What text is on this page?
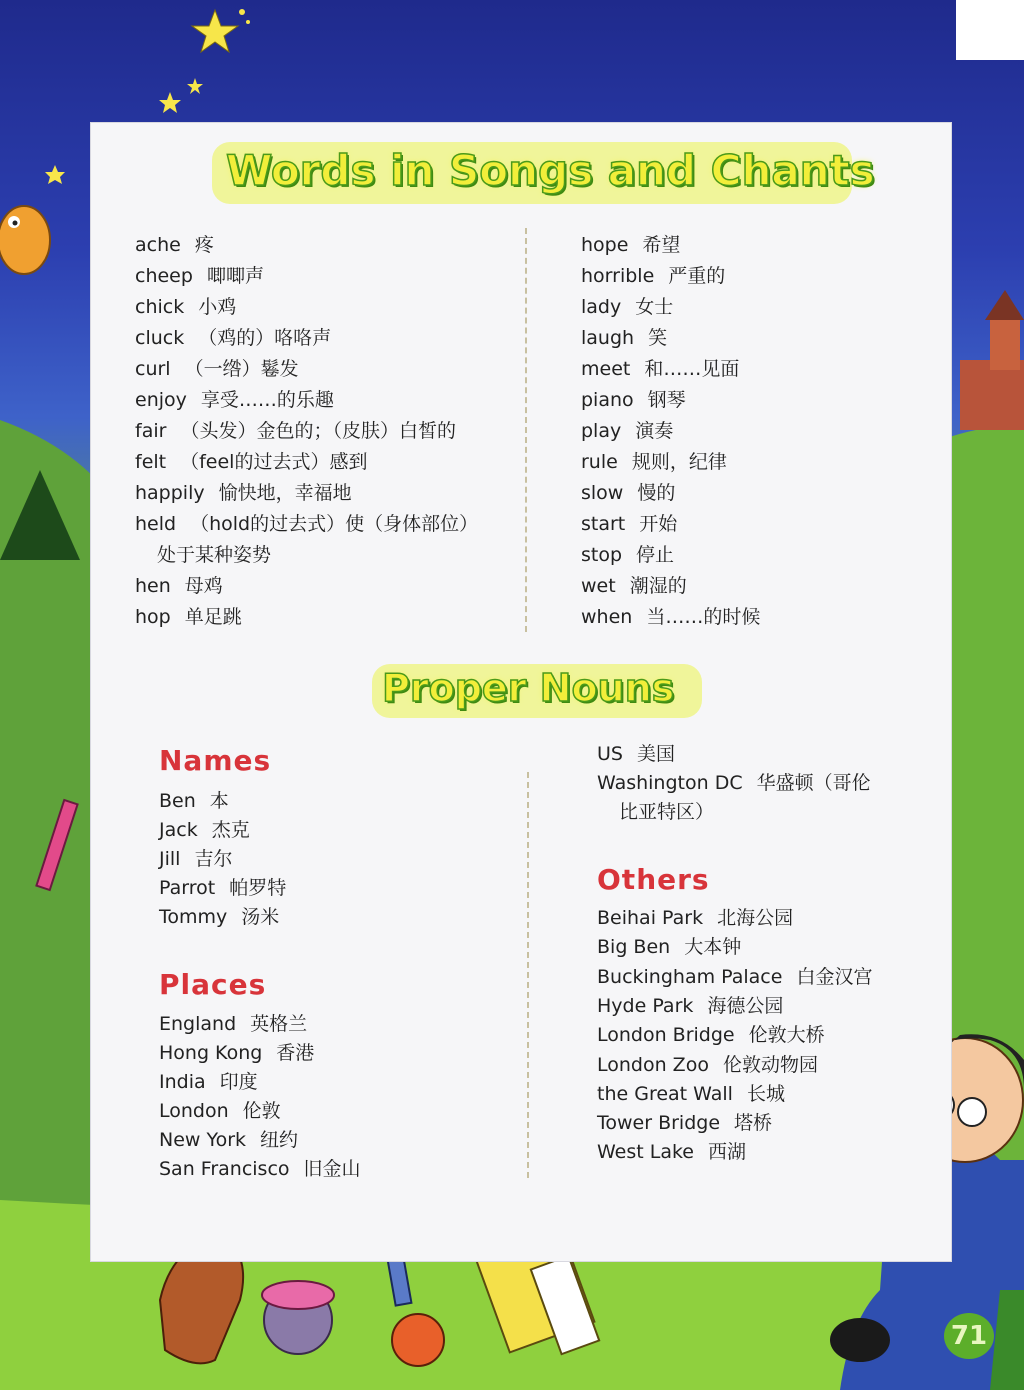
Words in Songs and Chants
ache 疼
cheep 唧唧声
chick 小鸡
cluck （鸡的）咯咯声
curl （一绺）鬈发
enjoy 享受……的乐趣
fair （头发）金色的；（皮肤）白皙的
felt （feel的过去式）感到
happily 愉快地，幸福地
held （hold的过去式）使（身体部位）
处于某种姿势
hen 母鸡
hop 单足跳
hope 希望
horrible 严重的
lady 女士
laugh 笑
meet 和……见面
piano 钢琴
play 演奏
rule 规则，纪律
slow 慢的
start 开始
stop 停止
wet 潮湿的
when 当……的时候
Proper Nouns
Names
Ben 本
Jack 杰克
Jill 吉尔
Parrot 帕罗特
Tommy 汤米
Places
England 英格兰
Hong Kong 香港
India 印度
London 伦敦
New York 纽约
San Francisco 旧金山
US 美国
Washington DC 华盛顿（哥伦
比亚特区）
Others
Beihai Park 北海公园
Big Ben 大本钟
Buckingham Palace 白金汉宫
Hyde Park 海德公园
London Bridge 伦敦大桥
London Zoo 伦敦动物园
the Great Wall 长城
Tower Bridge 塔桥
West Lake 西湖
71
